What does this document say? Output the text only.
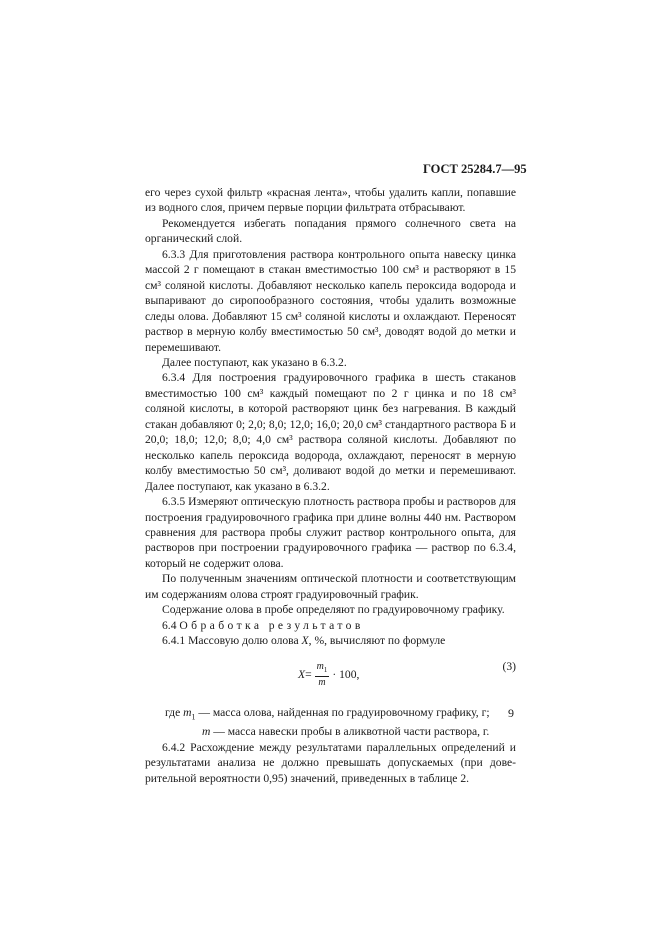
ГОСТ 25284.7—95

его через сухой фильтр «красная лента», чтобы удалить капли, попавшие из водного слоя, причем первые порции фильтрата отбрасывают.

Рекомендуется избегать попадания прямого солнечного света на органический слой.

6.3.3 Для приготовления раствора контрольного опыта навеску цинка массой 2 г помещают в стакан вместимостью 100 см³ и растворяют в 15 см³ соляной кислоты. Добавляют несколько капель пероксида водорода и выпаривают до сиропообразного состояния, чтобы удалить возможные следы олова. Добавляют 15 см³ соляной кислоты и охлаждают. Переносят раствор в мерную колбу вместимостью 50 см³, доводят водой до метки и перемешивают.

Далее поступают, как указано в 6.3.2.

6.3.4 Для построения градуировочного графика в шесть стаканов вместимостью 100 см³ каждый помещают по 2 г цинка и по 18 см³ соляной кислоты, в которой растворяют цинк без нагревания. В каждый стакан добавляют 0; 2,0; 8,0; 12,0; 16,0; 20,0 см³ стандартного раствора Б и 20,0; 18,0; 12,0; 8,0; 4,0 см³ раствора соляной кислоты. Добавляют по несколько капель пероксида водорода, охлаждают, переносят в мерную колбу вместимостью 50 см³, доливают водой до метки и перемешивают. Далее поступают, как указано в 6.3.2.

6.3.5 Измеряют оптическую плотность раствора пробы и растворов для построения градуировочного графика при длине волны 440 нм. Раствором сравнения для раствора пробы служит раствор контрольного опыта, для растворов при построении градуировочного графика — раствор по 6.3.4, который не содержит олова.

По полученным значениям оптической плотности и соответствующим им содержаниям олова строят градуировочный график.

Содержание олова в пробе определяют по градуировочному графику.

6.4 Обработка результатов

6.4.1 Массовую долю олова X, %, вычисляют по формуле

$X = \frac{m_1}{m} \cdot 100$,
(3)

где $m_1$ — масса олова, найденная по градуировочному графику, г;

m — масса навески пробы в аликвотной части раствора, г.

6.4.2 Расхождение между результатами параллельных определений и результатами анализа не должно превышать допускаемых (при доверительной вероятности 0,95) значений, приведенных в таблице 2.

9
